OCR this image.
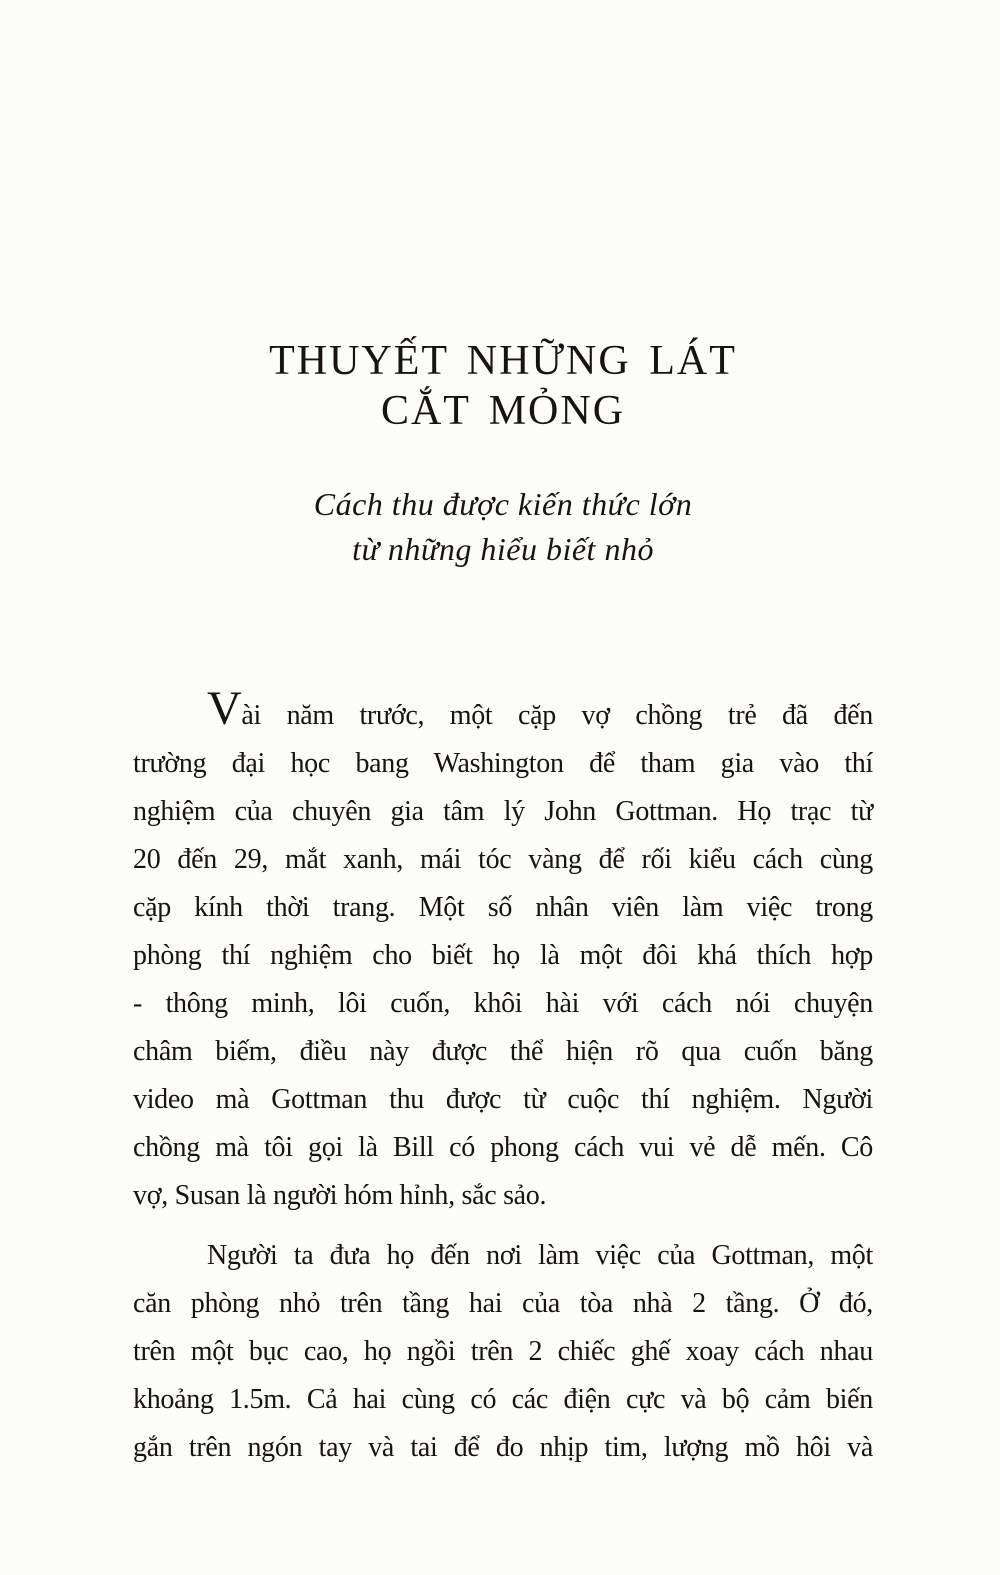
THUYẾT NHỮNG LÁT
CẮT MỎNG
Cách thu được kiến thức lớn
từ những hiểu biết nhỏ

Vài năm trước, một cặp vợ chồng trẻ đã đến
trường đại học bang Washington để tham gia vào thí
nghiệm của chuyên gia tâm lý John Gottman. Họ trạc từ
20 đến 29, mắt xanh, mái tóc vàng để rối kiểu cách cùng
cặp kính thời trang. Một số nhân viên làm việc trong
phòng thí nghiệm cho biết họ là một đôi khá thích hợp
- thông minh, lôi cuốn, khôi hài với cách nói chuyện
châm biếm, điều này được thể hiện rõ qua cuốn băng
video mà Gottman thu được từ cuộc thí nghiệm. Người
chồng mà tôi gọi là Bill có phong cách vui vẻ dễ mến. Cô
vợ, Susan là người hóm hỉnh, sắc sảo.

Người ta đưa họ đến nơi làm việc của Gottman, một
căn phòng nhỏ trên tầng hai của tòa nhà 2 tầng. Ở đó,
trên một bục cao, họ ngồi trên 2 chiếc ghế xoay cách nhau
khoảng 1.5m. Cả hai cùng có các điện cực và bộ cảm biến
gắn trên ngón tay và tai để đo nhịp tim, lượng mồ hôi và
